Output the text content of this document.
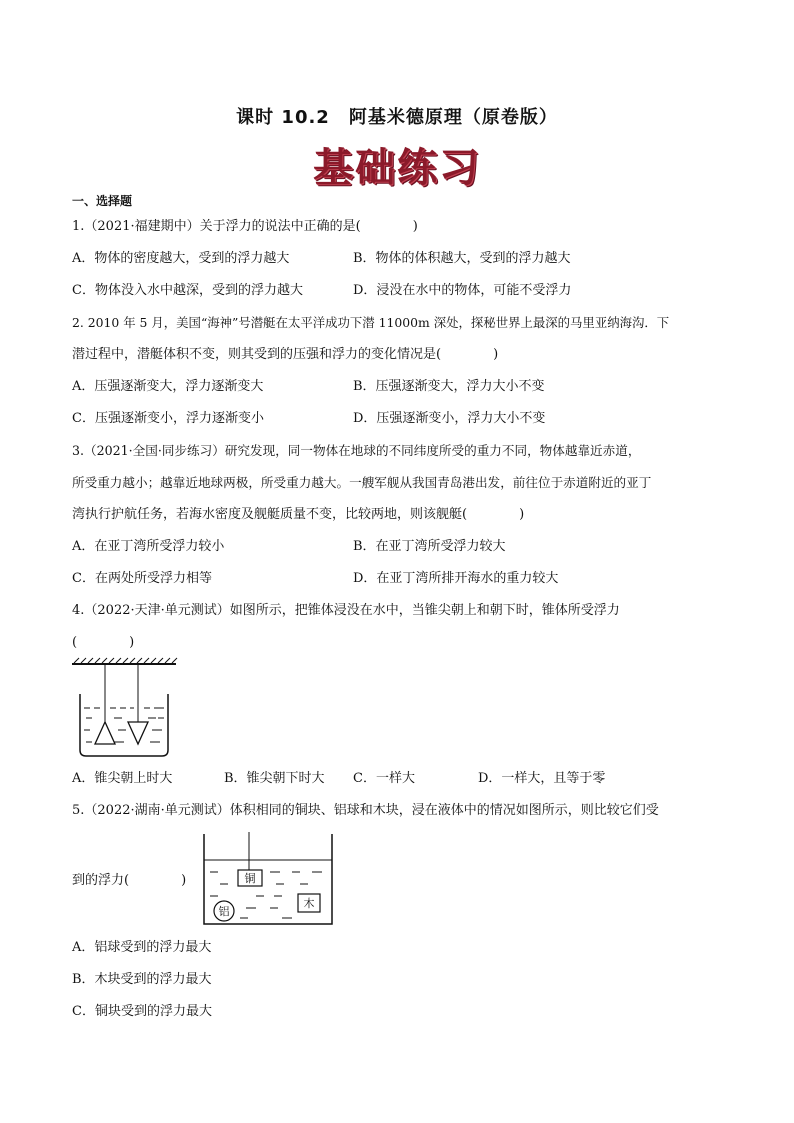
课时 10.2　阿基米德原理（原卷版）
基础练习
一、选择题
1.（2021·福建期中）关于浮力的说法中正确的是(　　　　)
A．物体的密度越大，受到的浮力越大	B．物体的体积越大，受到的浮力越大
C．物体没入水中越深，受到的浮力越大	D．浸没在水中的物体，可能不受浮力
2. 2010 年 5 月，美国“海神”号潜艇在太平洋成功下潜 11000m 深处，探秘世界上最深的马里亚纳海沟．下
潜过程中，潜艇体积不变，则其受到的压强和浮力的变化情况是(　　　　)
A．压强逐渐变大，浮力逐渐变大	B．压强逐渐变大，浮力大小不变
C．压强逐渐变小，浮力逐渐变小	D．压强逐渐变小，浮力大小不变
3.（2021·全国·同步练习）研究发现，同一物体在地球的不同纬度所受的重力不同，物体越靠近赤道，
所受重力越小；越靠近地球两极，所受重力越大。一艘军舰从我国青岛港出发，前往位于赤道附近的亚丁
湾执行护航任务，若海水密度及舰艇质量不变，比较两地，则该舰艇(　　　　)
A．在亚丁湾所受浮力较小	B．在亚丁湾所受浮力较大
C．在两处所受浮力相等	D．在亚丁湾所排开海水的重力较大
4.（2022·天津·单元测试）如图所示，把锥体浸没在水中，当锥尖朝上和朝下时，锥体所受浮力
(　　　　)
A．锥尖朝上时大	B．锥尖朝下时大 C．一样大	D．一样大，且等于零
5.（2022·湖南·单元测试）体积相同的铜块、铝球和木块，浸在液体中的情况如图所示，则比较它们受
到的浮力(　　　　)	铜
铝
木
A．铝球受到的浮力最大
B．木块受到的浮力最大
C．铜块受到的浮力最大
